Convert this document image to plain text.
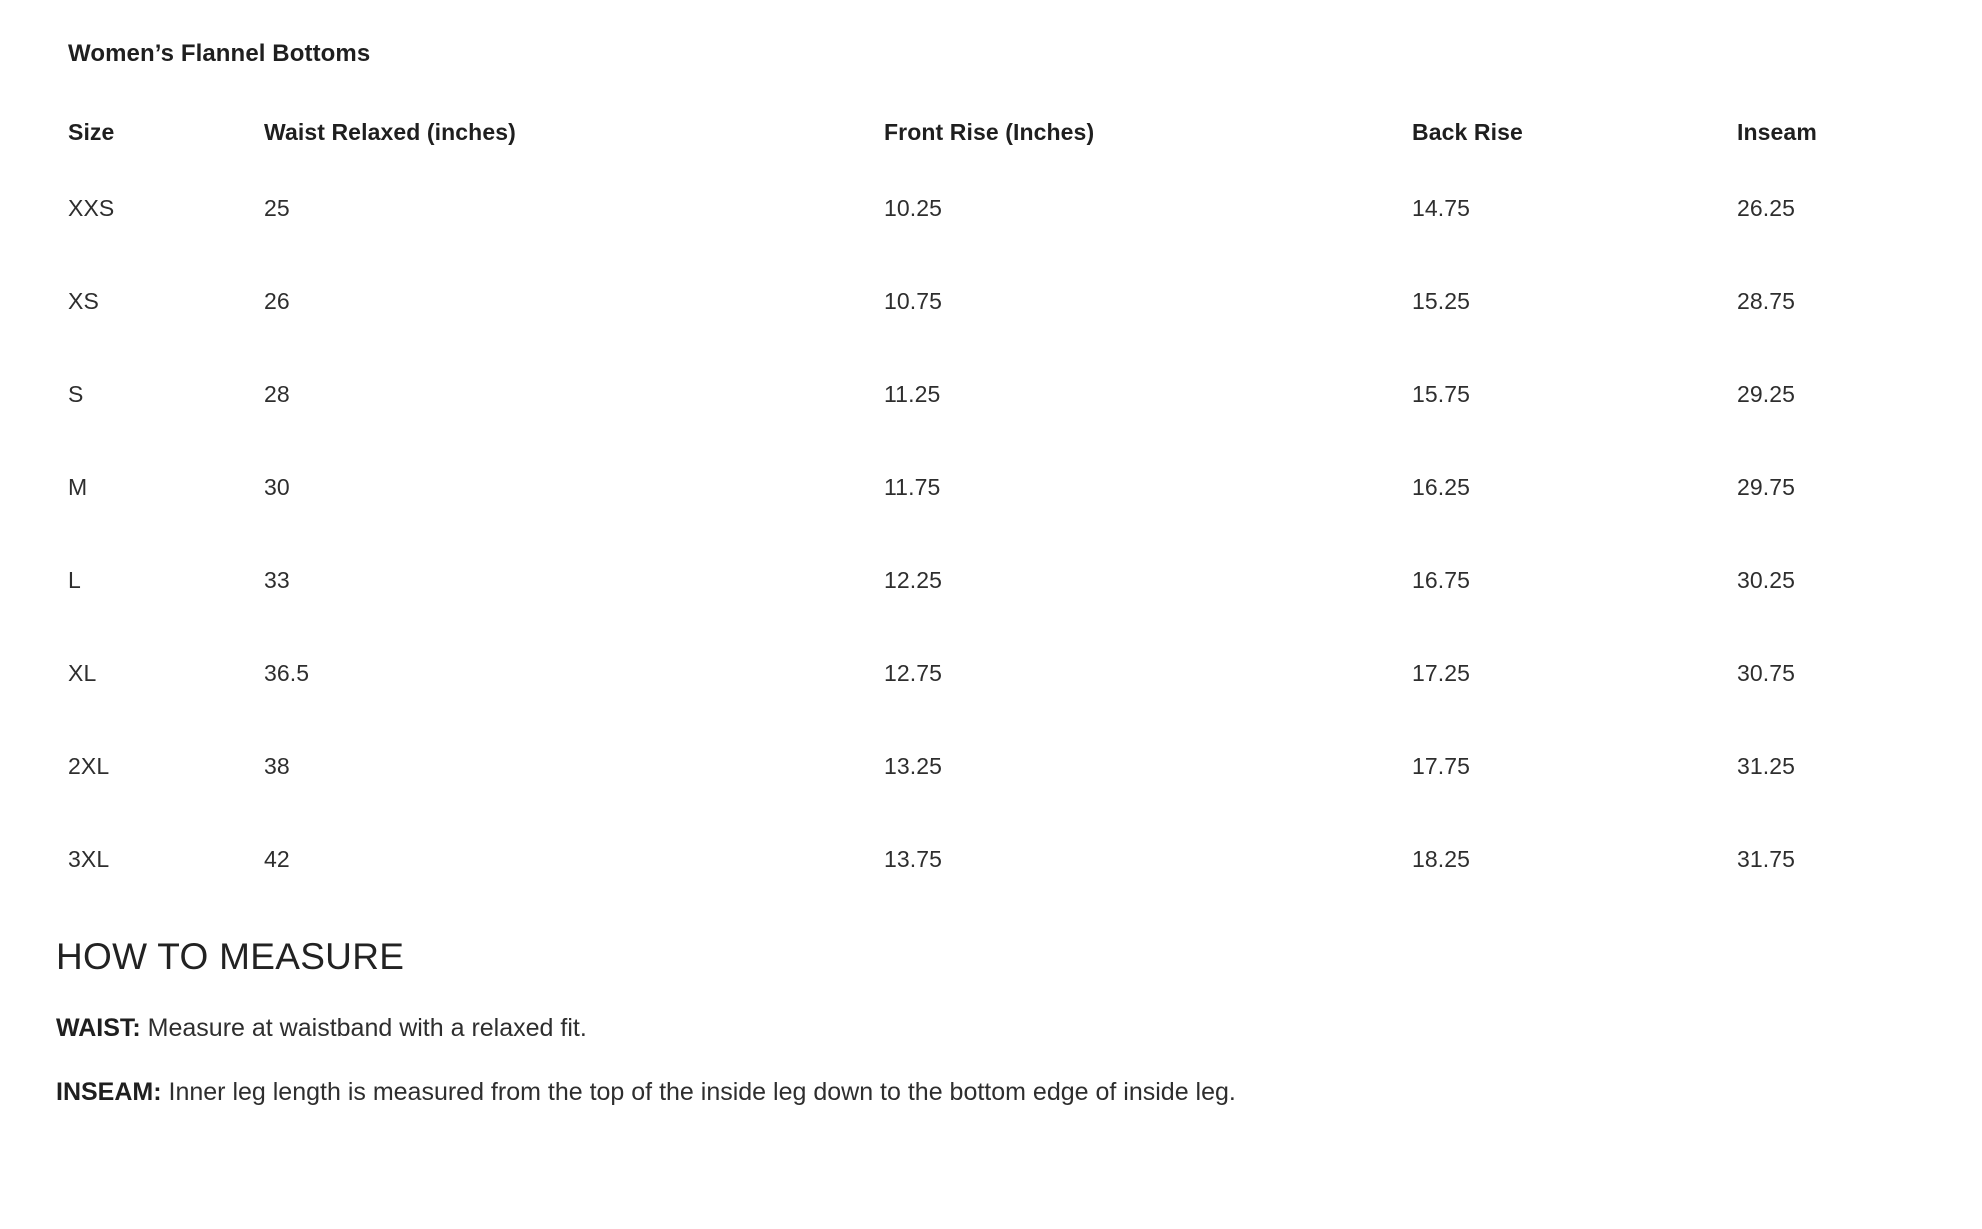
Women’s Flannel Bottoms
Size	Waist Relaxed (inches)	Front Rise (Inches)	Back Rise	Inseam
XXS	25	10.25	14.75	26.25
XS	26	10.75	15.25	28.75
S	28	11.25	15.75	29.25
M	30	11.75	16.25	29.75
L	33	12.25	16.75	30.25
XL	36.5	12.75	17.25	30.75
2XL	38	13.25	17.75	31.25
3XL	42	13.75	18.25	31.75
HOW TO MEASURE

WAIST: Measure at waistband with a relaxed fit.

INSEAM: Inner leg length is measured from the top of the inside leg down to the bottom edge of inside leg.
